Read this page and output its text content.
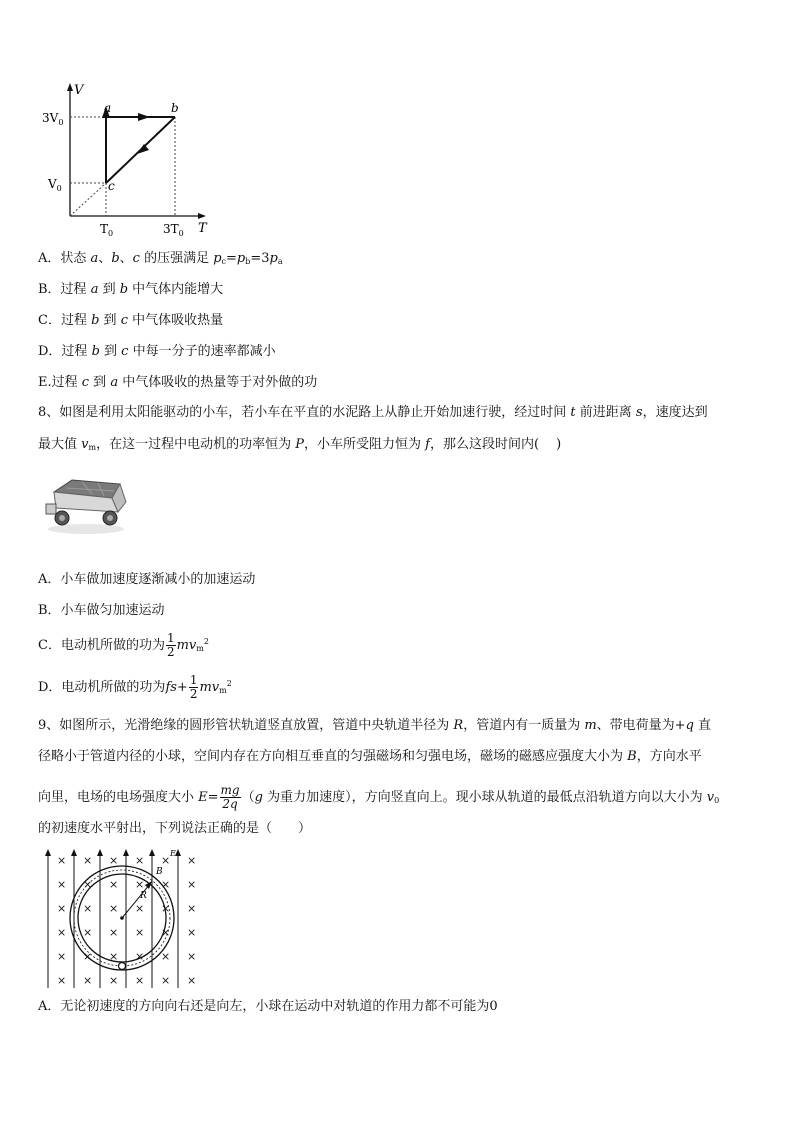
V
T
a	b
c
$3V_0$
$V_0$
$T_0$	$3T_0$
A．状态 a、b、c 的压强满足 $p_c=p_b=3p_a$
B．过程 a 到 b 中气体内能增大
C．过程 b 到 c 中气体吸收热量
D．过程 b 到 c 中每一分子的速率都减小
E.过程 c 到 a 中气体吸收的热量等于对外做的功
8、如图是利用太阳能驱动的小车，若小车在平直的水泥路上从静止开始加速行驶，经过时间 t 前进距离 s，速度达到
最大值 $v_m$，在这一过程中电动机的功率恒为 P，小车所受阻力恒为 f，那么这段时间内(　 )
A．小车做加速度逐渐减小的加速运动
B．小车做匀加速运动
C．电动机所做的功为 $\frac{1}{2} mv_m^2$
D．电动机所做的功为$fs+ \frac{1}{2} mv_m^2$
9、如图所示，光滑绝缘的圆形管状轨道竖直放置，管道中央轨道半径为 R，管道内有一质量为 m、带电荷量为+q 直
径略小于管道内径的小球，空间内存在方向相互垂直的匀强磁场和匀强电场，磁场的磁感应强度大小为 B，方向水平
向里，电场的电场强度大小 $E= \frac{mg}{2q} (g$ 为重力加速度），方向竖直向上。现小球从轨道的最低点沿轨道方向以大小为 $v_0$
的初速度水平射出，下列说法正确的是（　　）
× × × × × ×
× × × × × ×
× × × × × ×
× × × × × ×
× × × × × ×
× × × × × ×
R
B
E
A．无论初速度的方向向右还是向左，小球在运动中对轨道的作用力都不可能为0
